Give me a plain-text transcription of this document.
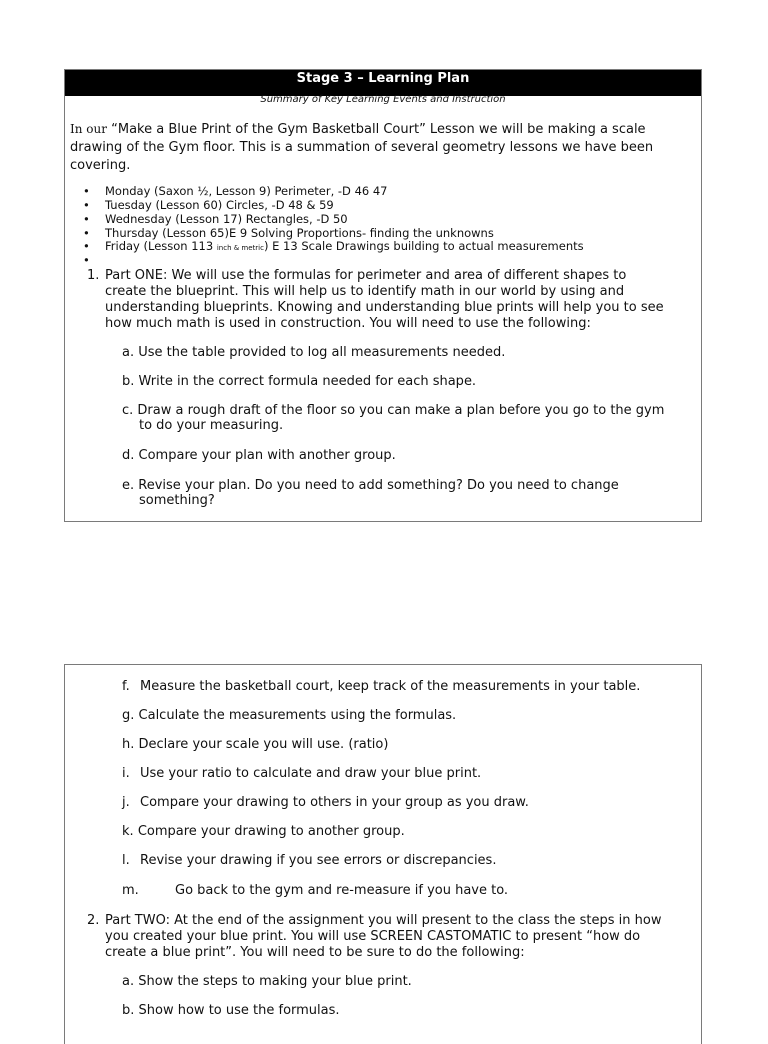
Stage 3 – Learning Plan
Summary of Key Learning Events and Instruction
In our “Make a Blue Print of the Gym Basketball Court” Lesson we will be making a scale drawing of the Gym floor. This is a summation of several geometry lessons we have been covering.
Monday (Saxon ½, Lesson 9) Perimeter, -D 46 47
Tuesday (Lesson 60) Circles, -D 48 & 59
Wednesday (Lesson 17) Rectangles, -D 50
Thursday (Lesson 65)E 9 Solving Proportions- finding the unknowns
Friday (Lesson 113 inch & metric) E 13 Scale Drawings building to actual measurements
1. Part ONE: We will use the formulas for perimeter and area of different shapes to
create the blueprint. This will help us to identify math in our world by using and
understanding blueprints. Knowing and understanding blue prints will help you to see
how much math is used in construction. You will need to use the following:
a. Use the table provided to log all measurements needed.
b. Write in the correct formula needed for each shape.
c. Draw a rough draft of the floor so you can make a plan before you go to the gym
to do your measuring.
d. Compare your plan with another group.
e. Revise your plan. Do you need to add something? Do you need to change
something?
f. Measure the basketball court, keep track of the measurements in your table.
g. Calculate the measurements using the formulas.
h. Declare your scale you will use. (ratio)
i. Use your ratio to calculate and draw your blue print.
j. Compare your drawing to others in your group as you draw.
k. Compare your drawing to another group.
l. Revise your drawing if you see errors or discrepancies.
m.	Go back to the gym and re-measure if you have to.
2. Part TWO: At the end of the assignment you will present to the class the steps in how
you created your blue print. You will use SCREEN CASTOMATIC to present “how do
create a blue print”. You will need to be sure to do the following:
a. Show the steps to making your blue print.
b. Show how to use the formulas.
